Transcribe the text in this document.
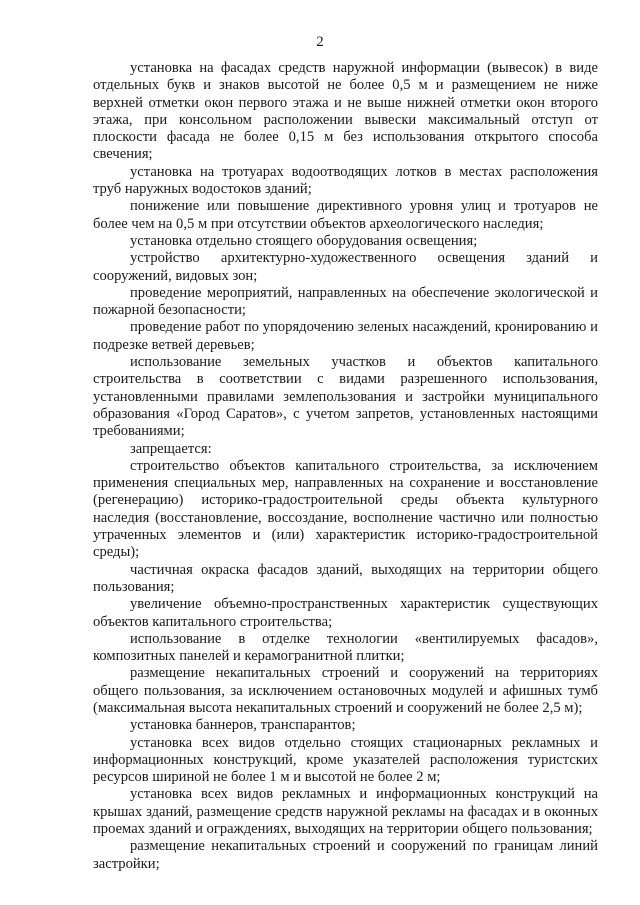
2

установка на фасадах средств наружной информации (вывесок) в виде отдельных букв и знаков высотой не более 0,5 м и размещением не ниже верхней отметки окон первого этажа и не выше нижней отметки окон второго этажа, при консольном расположении вывески максимальный отступ от плоскости фасада не более 0,15 м без использования открытого способа свечения;

установка на тротуарах водоотводящих лотков в местах расположения труб наружных водостоков зданий;

понижение или повышение директивного уровня улиц и тротуаров не более чем на 0,5 м при отсутствии объектов археологического наследия;

установка отдельно стоящего оборудования освещения;

устройство архитектурно-художественного освещения зданий и сооружений, видовых зон;

проведение мероприятий, направленных на обеспечение экологической и пожарной безопасности;

проведение работ по упорядочению зеленых насаждений, кронированию и подрезке ветвей деревьев;

использование земельных участков и объектов капитального строительства в соответствии с видами разрешенного использования, установленными правилами землепользования и застройки муниципального образования «Город Саратов», с учетом запретов, установленных настоящими требованиями;

запрещается:

строительство объектов капитального строительства, за исключением применения специальных мер, направленных на сохранение и восстановление (регенерацию) историко-градостроительной среды объекта культурного наследия (восстановление, воссоздание, восполнение частично или полностью утраченных элементов и (или) характеристик историко-градостроительной среды);

частичная окраска фасадов зданий, выходящих на территории общего пользования;

увеличение объемно-пространственных характеристик существующих объектов капитального строительства;

использование в отделке технологии «вентилируемых фасадов», композитных панелей и керамогранитной плитки;

размещение некапитальных строений и сооружений на территориях общего пользования, за исключением остановочных модулей и афишных тумб (максимальная высота некапитальных строений и сооружений не более 2,5 м);

установка баннеров, транспарантов;

установка всех видов отдельно стоящих стационарных рекламных и информационных конструкций, кроме указателей расположения туристских ресурсов шириной не более 1 м и высотой не более 2 м;

установка всех видов рекламных и информационных конструкций на крышах зданий, размещение средств наружной рекламы на фасадах и в оконных проемах зданий и ограждениях, выходящих на территории общего пользования;

размещение некапитальных строений и сооружений по границам линий застройки;
